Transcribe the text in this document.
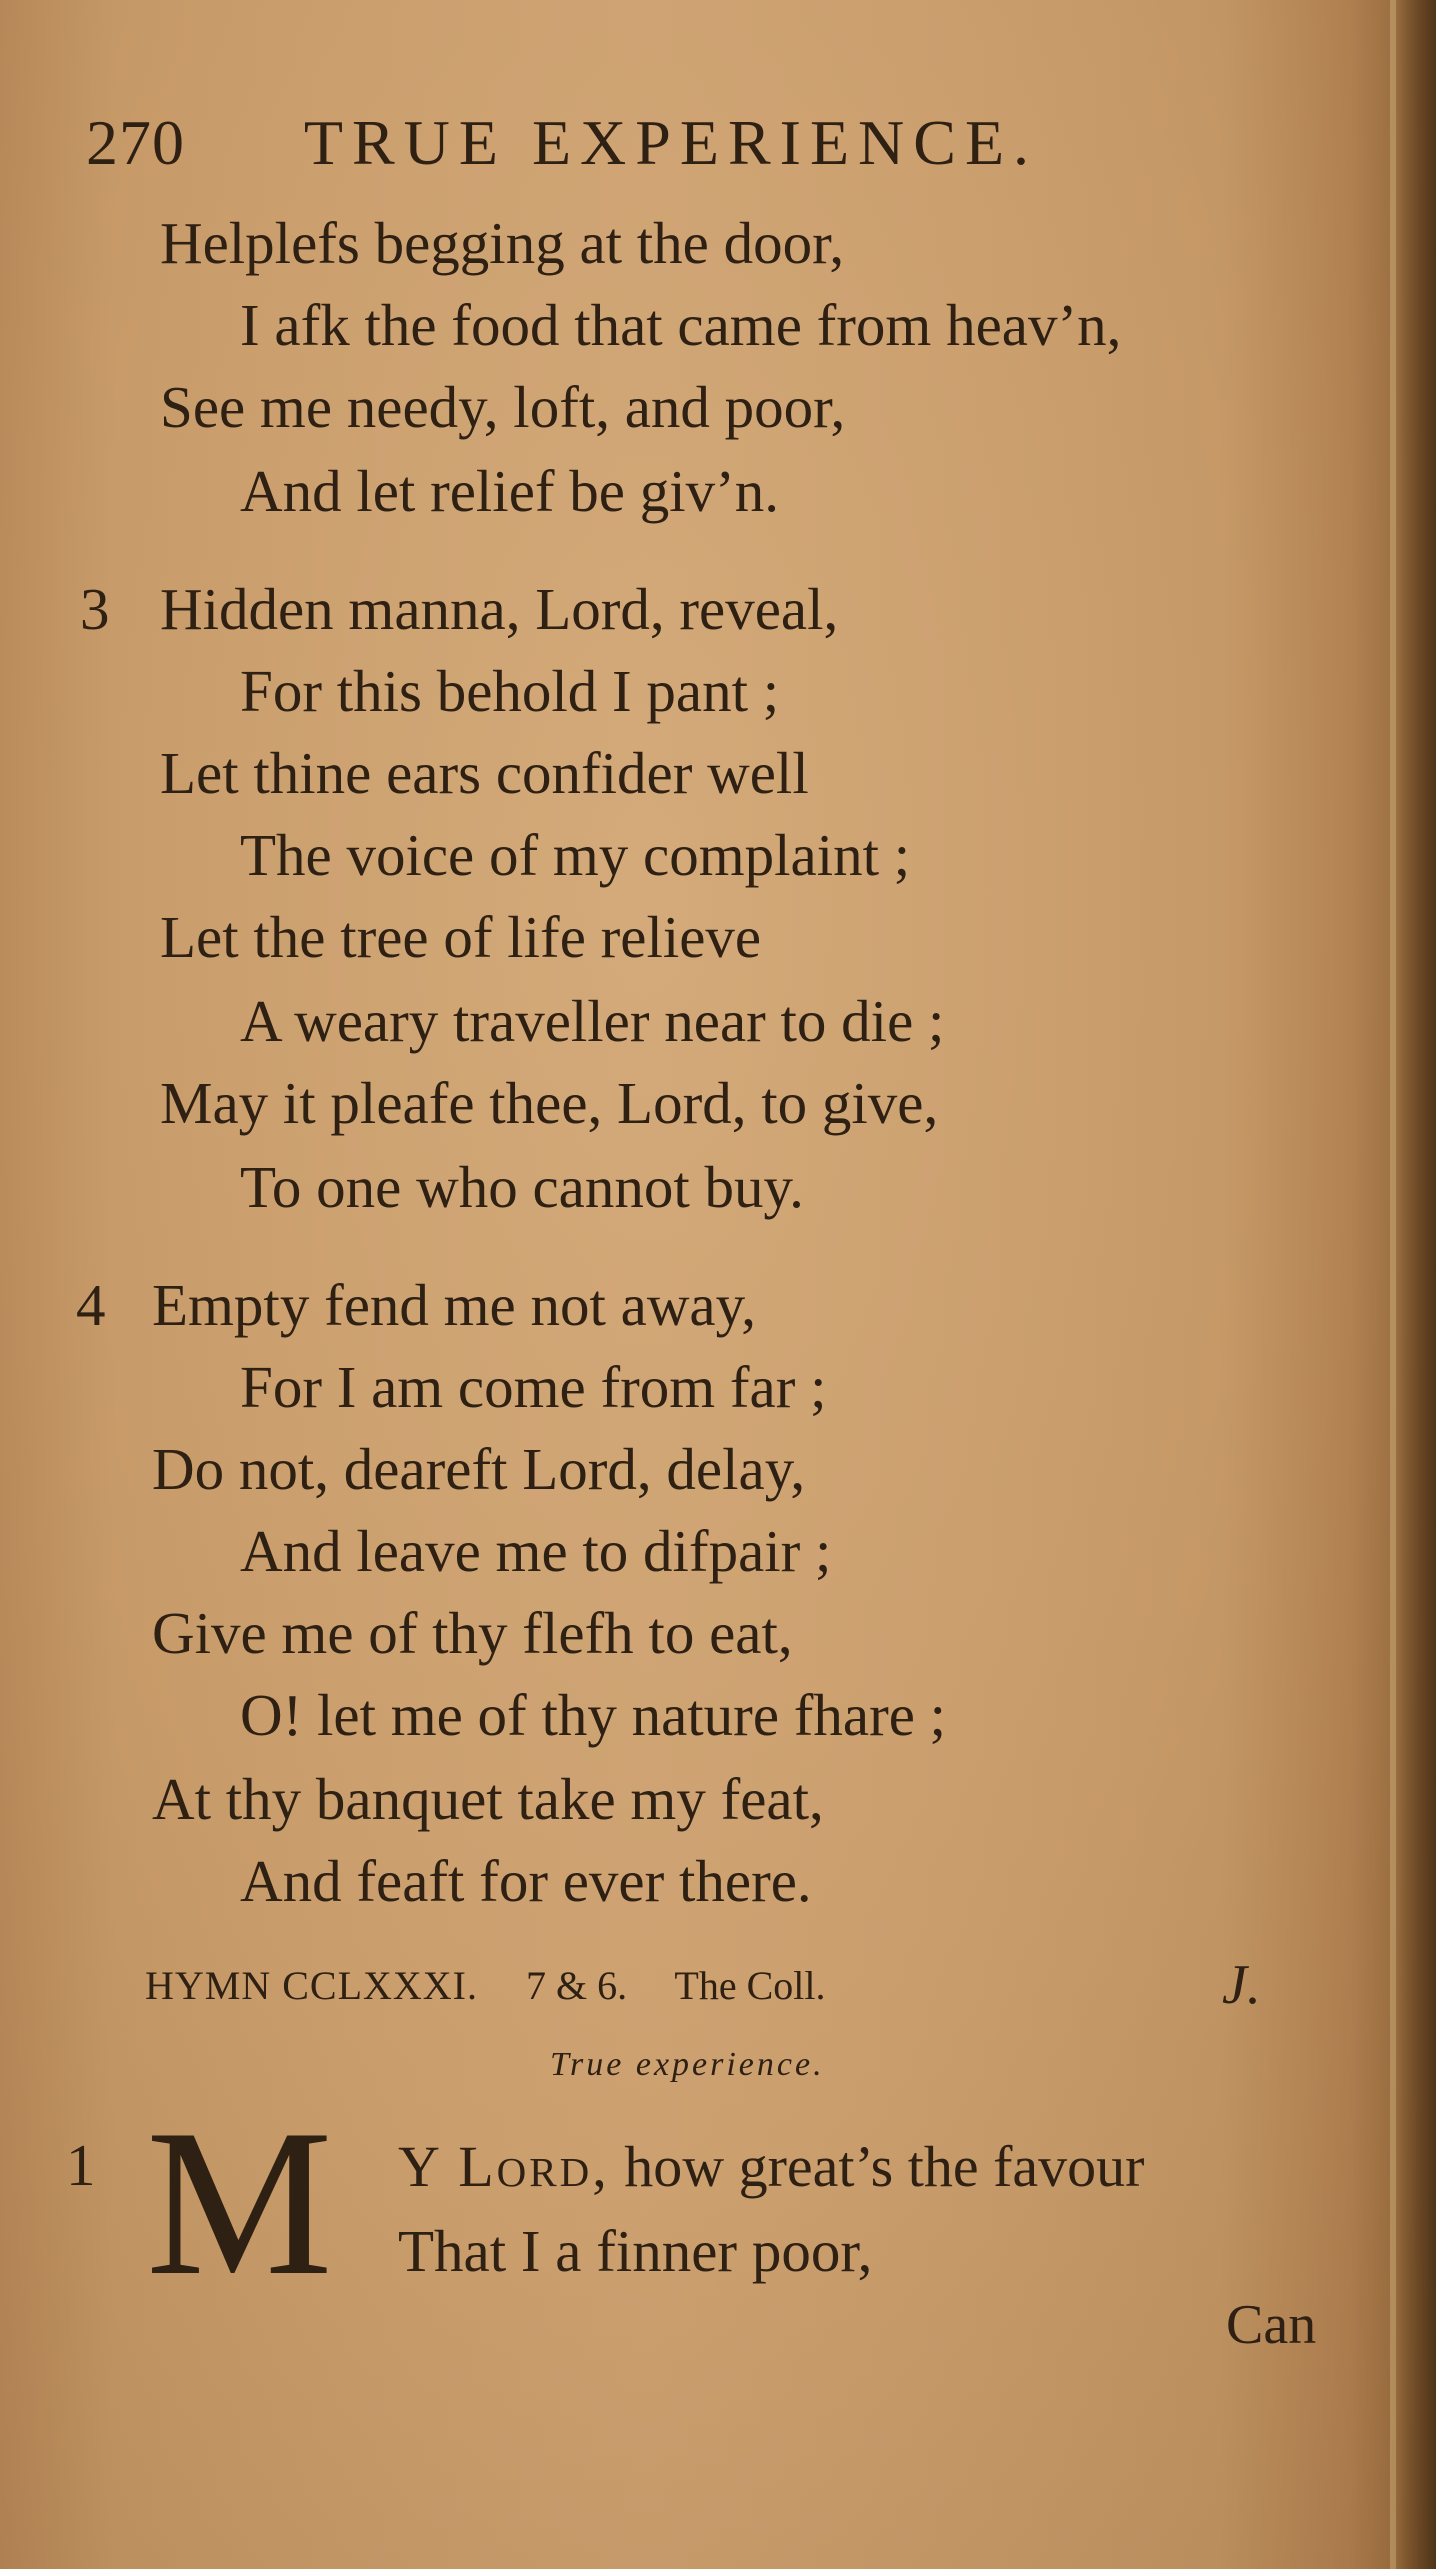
270 TRUE EXPERIENCE.
Helplefs begging at the door,
I afk the food that came from heav’n,
See me needy, loft, and poor,
And let relief be giv’n.
3 Hidden manna, Lord, reveal,
For this behold I pant ;
Let thine ears confider well
The voice of my complaint ;
Let the tree of life relieve
A weary traveller near to die ;
May it pleafe thee, Lord, to give,
To one who cannot buy.
4 Empty fend me not away,
For I am come from far ;
Do not, deareft Lord, delay,
And leave me to difpair ;
Give me of thy flefh to eat,
O! let me of thy nature fhare ;
At thy banquet take my feat,
And feaft for ever there.
HYMN CCLXXXI. 7 & 6. The Coll.	J.
True experience.
1 M Y Lord, how great’s the favour
That I a finner poor,
Can
